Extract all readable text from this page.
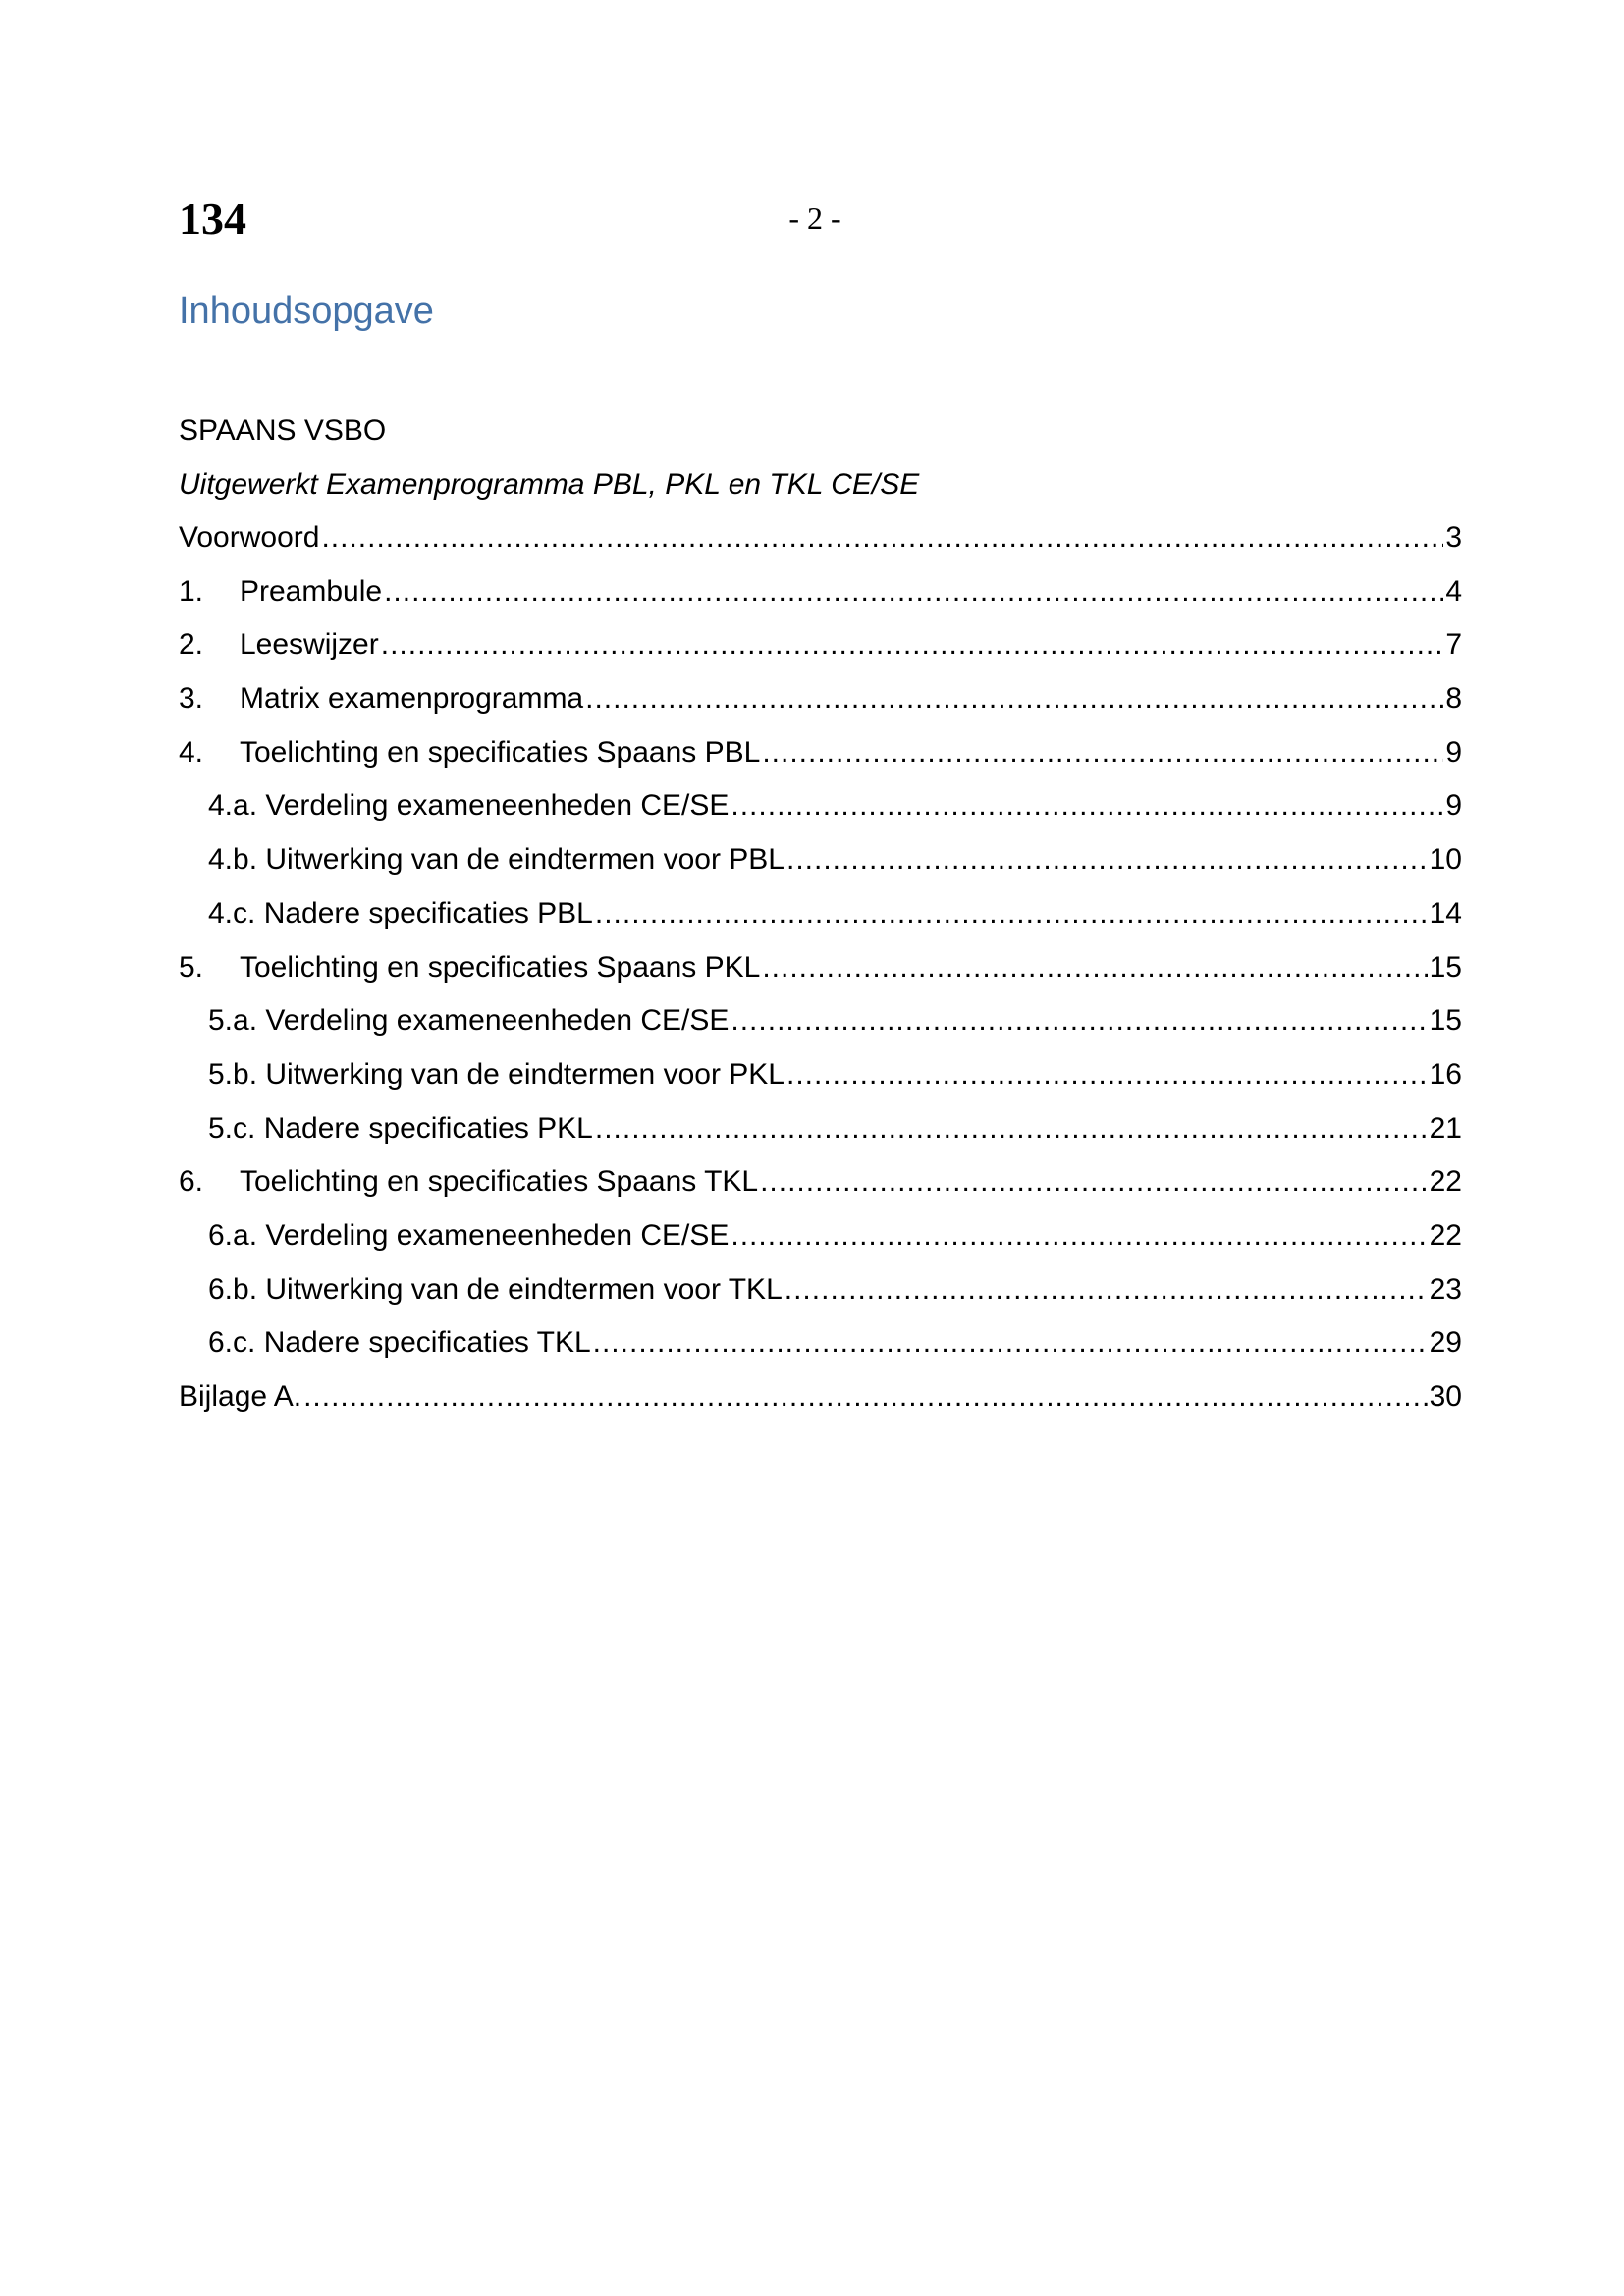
134	- 2 -
Inhoudsopgave
SPAANS VSBO
Uitgewerkt Examenprogramma PBL, PKL en TKL CE/SE
Voorwoord .....	3
1.	Preambule .....	4
2.	Leeswijzer .....	7
3.	Matrix examenprogramma .....	8
4.	Toelichting en specificaties Spaans PBL .....	9
4.a. Verdeling exameneenheden CE/SE .....	9
4.b. Uitwerking van de eindtermen voor PBL .....	10
4.c. Nadere specificaties PBL .....	14
5.	Toelichting en specificaties Spaans PKL .....	15
5.a. Verdeling exameneenheden CE/SE .....	15
5.b. Uitwerking van de eindtermen voor PKL .....	16
5.c. Nadere specificaties PKL .....	21
6.	Toelichting en specificaties Spaans TKL .....	22
6.a. Verdeling exameneenheden CE/SE .....	22
6.b. Uitwerking van de eindtermen voor TKL .....	23
6.c. Nadere specificaties TKL .....	29
Bijlage A. .....	30
